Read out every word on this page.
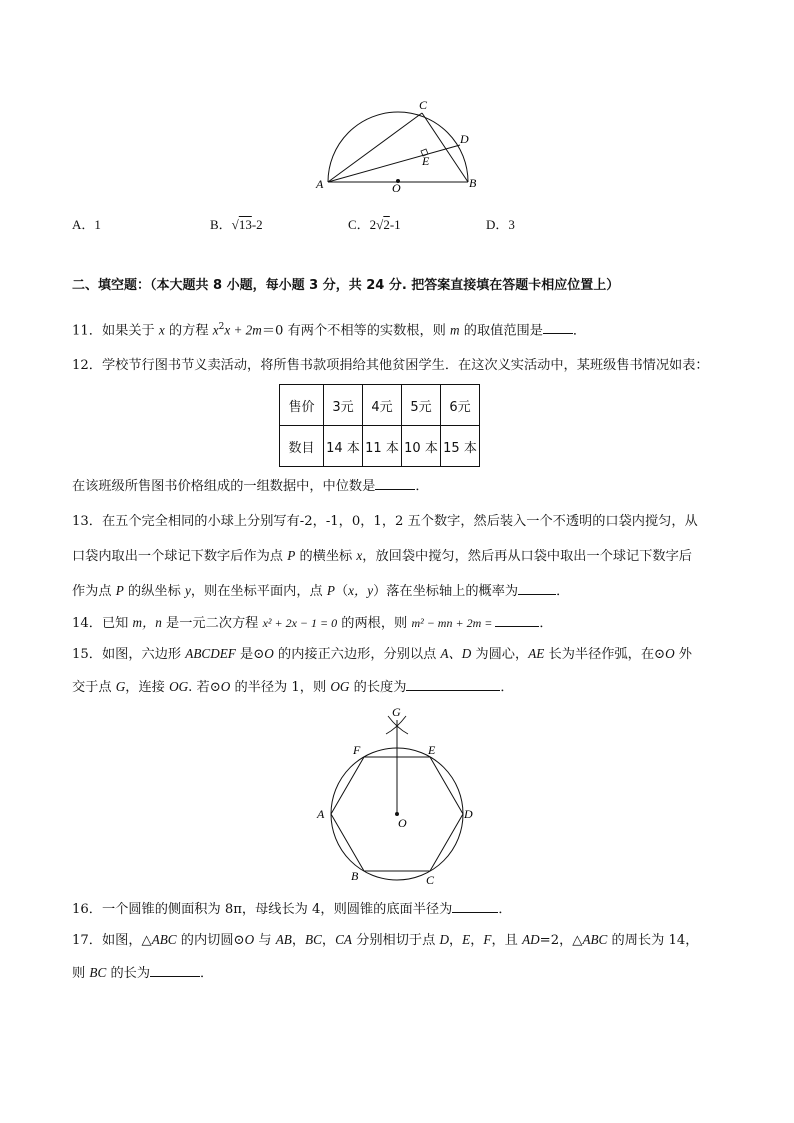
C
D
E
A	O	B
A．1	B．√13-2	C．2√2-1	D．3
二、填空题：（本大题共 8 小题，每小题 3 分，共 24 分. 把答案直接填在答题卡相应位置上）
11．如果关于 x 的方程 $x^2x + 2m=0$ 有两个不相等的实数根，则 m 的取值范围是 ．
12．学校节行图书节义卖活动，将所售书款项捐给其他贫困学生．在这次义实活动中，某班级售书情况如表：
售价	3元	4元	5元	6元
数目	14 本	11 本	10 本	15 本
在该班级所售图书价格组成的一组数据中，中位数是	．
13．在五个完全相同的小球上分别写有-2，-1，0，1，2 五个数字，然后装入一个不透明的口袋内搅匀，从
口袋内取出一个球记下数字后作为点 P 的横坐标 x，放回袋中搅匀，然后再从口袋中取出一个球记下数字后
作为点 P 的纵坐标 y，则在坐标平面内，点 P（x，y）落在坐标轴上的概率为	．
14．已知 m，n 是一元二次方程 x² + 2x − 1 = 0 的两根，则 m² − mn + 2m =	．
15．如图，六边形 ABCDEF 是⊙O 的内接正六边形，分别以点 A、D 为圆心，AE 长为半径作弧，在⊙O 外
交于点 G，连接 OG. 若⊙O 的半径为 1，则 OG 的长度为	．
G
F	E
A
O
D
B	C
16．一个圆锥的侧面积为 8π，母线长为 4，则圆锥的底面半径为	．
17．如图，△ABC 的内切圆⊙O 与 AB，BC，CA 分别相切于点 D，E，F，且 AD=2，△ABC 的周长为 14，
则 BC 的长为	．
